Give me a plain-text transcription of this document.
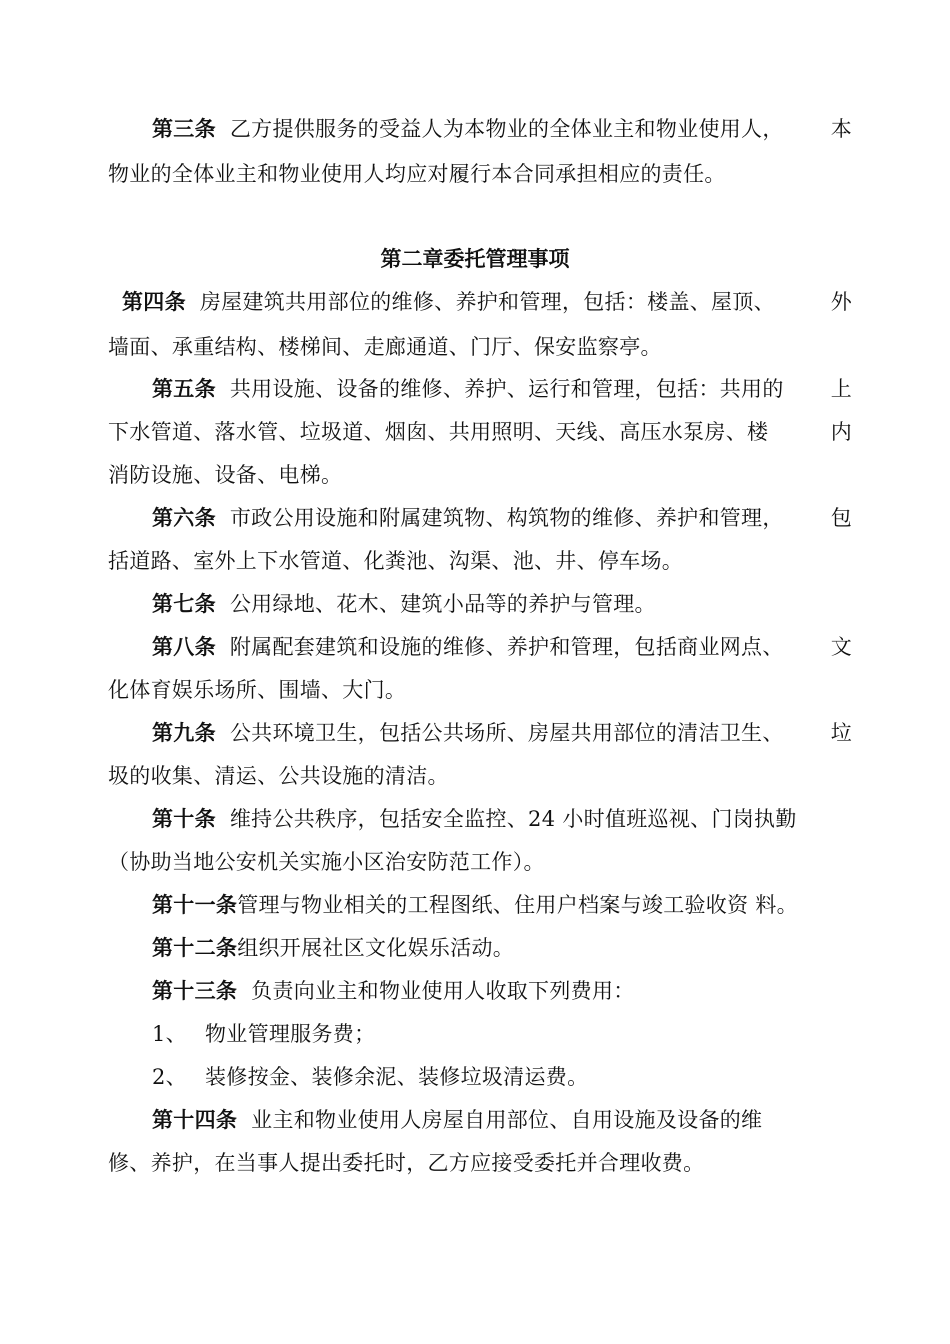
第三条 乙方提供服务的受益人为本物业的全体业主和物业使用人， 本
物业的全体业主和物业使用人均应对履行本合同承担相应的责任。
第二章委托管理事项
第四条 房屋建筑共用部位的维修、养护和管理，包括：楼盖、屋顶、	外
墙面、承重结构、楼梯间、走廊通道、门厅、保安监察亭。
第五条 共用设施、设备的维修、养护、运行和管理，包括：共用的 上
下水管道、落水管、垃圾道、烟囱、共用照明、天线、高压水泵房、楼	内
消防设施、设备、电梯。
第六条 市政公用设施和附属建筑物、构筑物的维修、养护和管理， 包
括道路、室外上下水管道、化粪池、沟渠、池、井、停车场。
第七条 公用绿地、花木、建筑小品等的养护与管理。
第八条 附属配套建筑和设施的维修、养护和管理，包括商业网点、 文
化体育娱乐场所、围墙、大门。
第九条 公共环境卫生，包括公共场所、房屋共用部位的清洁卫生、 垃
圾的收集、清运、公共设施的清洁。
第十条 维持公共秩序，包括安全监控、24 小时值班巡视、门岗执勤
（协助当地公安机关实施小区治安防范工作）。
第十一条管理与物业相关的工程图纸、住用户档案与竣工验收资 料。
第十二条组织开展社区文化娱乐活动。
第十三条 负责向业主和物业使用人收取下列费用：
1、 物业管理服务费；
2、 装修按金、装修余泥、装修垃圾清运费。
第十四条 业主和物业使用人房屋自用部位、自用设施及设备的维
修、养护，在当事人提出委托时，乙方应接受委托并合理收费。
